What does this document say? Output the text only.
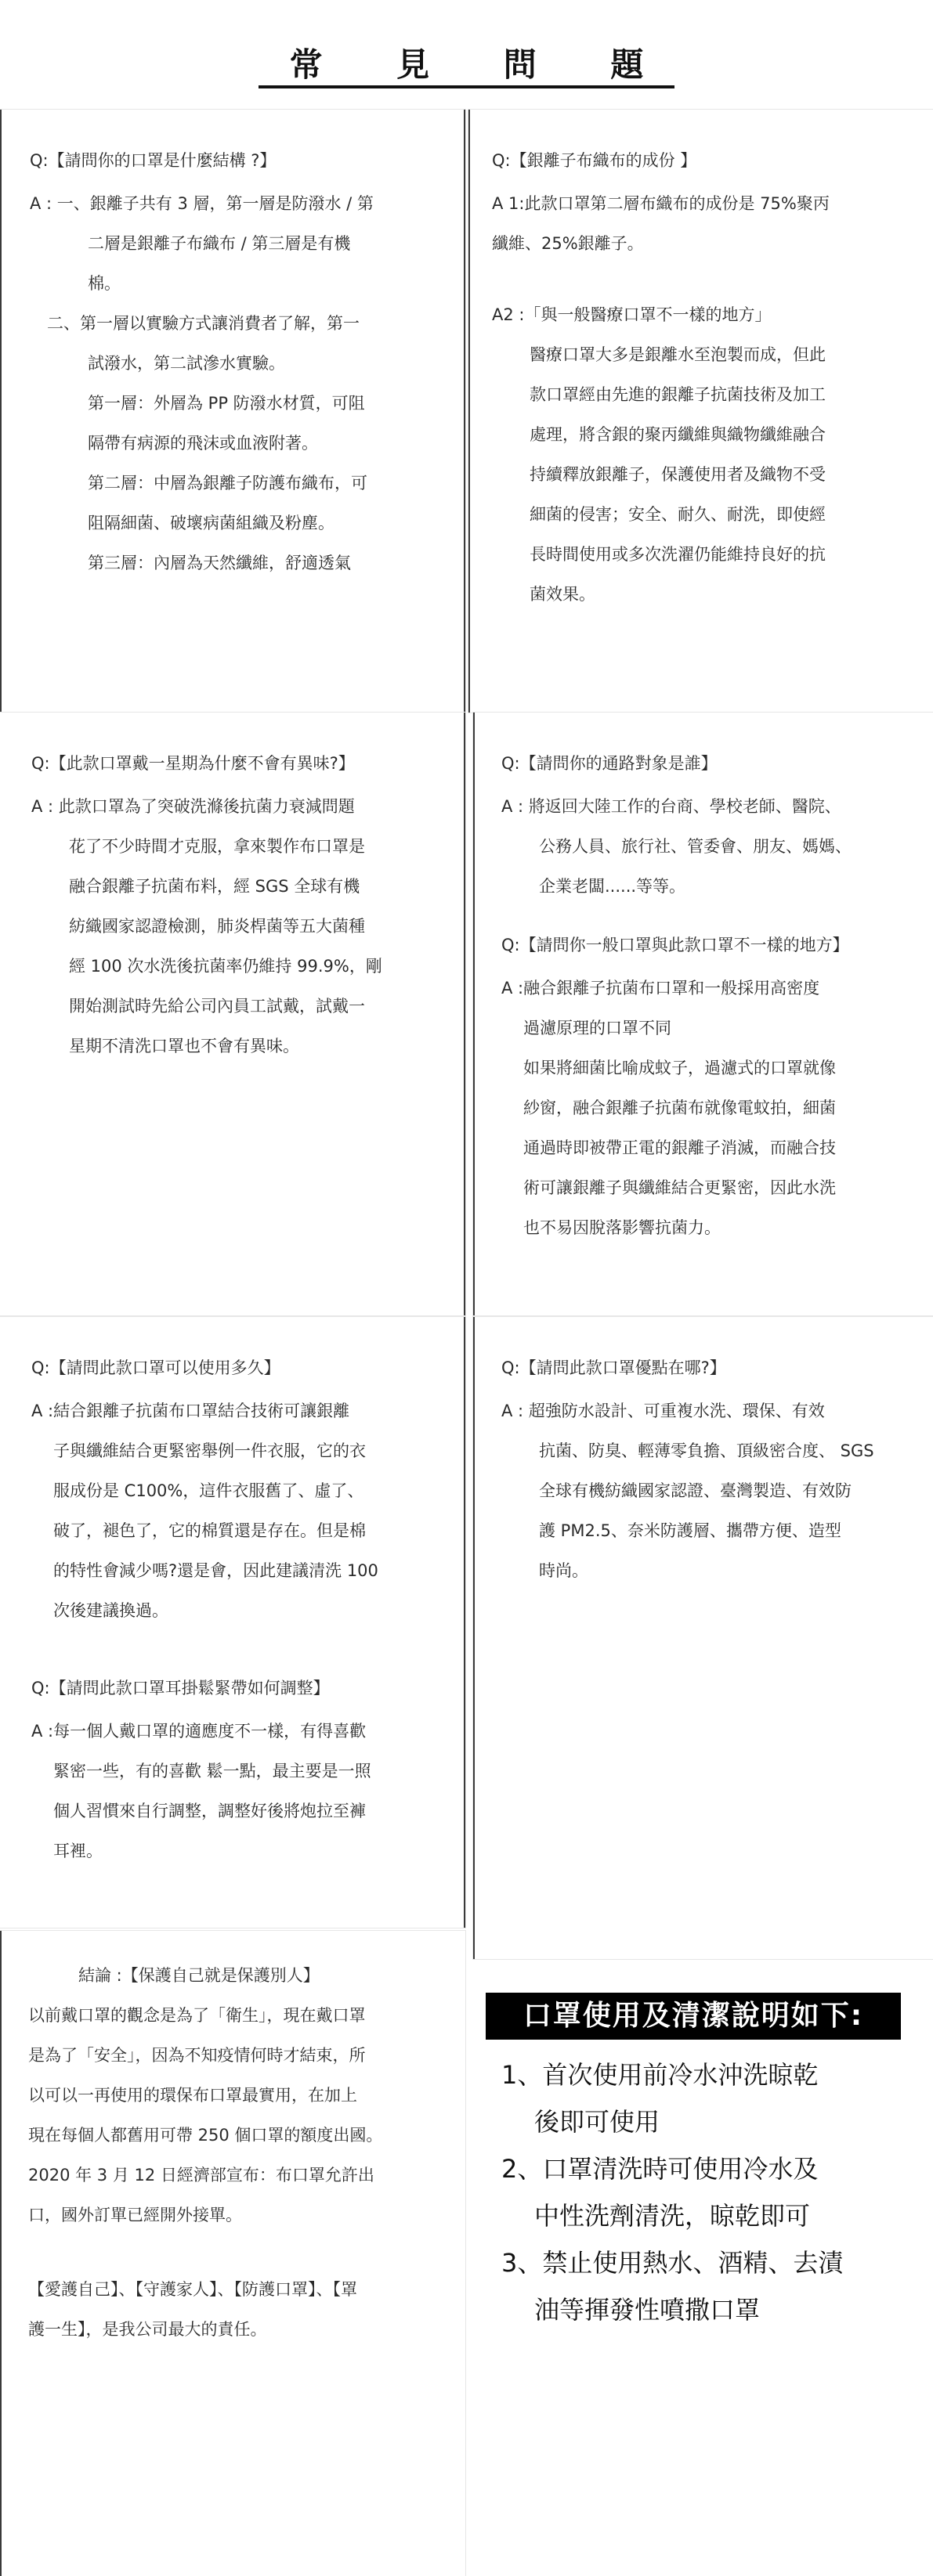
常 見 問 題
Q:【請問你的口罩是什麼結構 ?】
A : 一、銀離子共有 3 層，第一層是防潑水 / 第
二層是銀離子布織布 / 第三層是有機
棉。
二、第一層以實驗方式讓消費者了解，第一
試潑水，第二試滲水實驗。
第一層：外層為 PP 防潑水材質，可阻
隔帶有病源的飛沫或血液附著。
第二層：中層為銀離子防護布織布，可
阻隔細菌、破壞病菌組織及粉塵。
第三層：內層為天然纖維，舒適透氣
Q:【銀離子布織布的成份 】
A 1:此款口罩第二層布織布的成份是 75%聚丙
纖維、25%銀離子。
A2 :「與一般醫療口罩不一樣的地方」
醫療口罩大多是銀離水至泡製而成，但此
款口罩經由先進的銀離子抗菌技術及加工
處理，將含銀的聚丙纖維與織物纖維融合
持續釋放銀離子，保護使用者及織物不受
細菌的侵害；安全、耐久、耐洗，即使經
長時間使用或多次洗濯仍能維持良好的抗
菌效果。
Q:【此款口罩戴一星期為什麼不會有異味?】
A : 此款口罩為了突破洗滌後抗菌力衰減問題
花了不少時間才克服，拿來製作布口罩是
融合銀離子抗菌布料，經 SGS 全球有機
紡織國家認證檢測，肺炎桿菌等五大菌種
經 100 次水洗後抗菌率仍維持 99.9%，剛
開始測試時先給公司內員工試戴，試戴一
星期不清洗口罩也不會有異味。
Q:【請問你的通路對象是誰】
A : 將返回大陸工作的台商、學校老師、醫院、
公務人員、旅行社、管委會、朋友、媽媽、
企業老闆......等等。
Q:【請問你一般口罩與此款口罩不一樣的地方】
A :融合銀離子抗菌布口罩和一般採用高密度
過濾原理的口罩不同
如果將細菌比喻成蚊子，過濾式的口罩就像
紗窗，融合銀離子抗菌布就像電蚊拍，細菌
通過時即被帶正電的銀離子消滅，而融合技
術可讓銀離子與纖維結合更緊密，因此水洗
也不易因脫落影響抗菌力。
Q:【請問此款口罩可以使用多久】
A :結合銀離子抗菌布口罩結合技術可讓銀離
子與纖維結合更緊密舉例一件衣服，它的衣
服成份是 C100%，這件衣服舊了、虛了、
破了，褪色了，它的棉質還是存在。但是棉
的特性會減少嗎?還是會，因此建議清洗 100
次後建議換過。
Q:【請問此款口罩耳掛鬆緊帶如何調整】
A :每一個人戴口罩的適應度不一樣，有得喜歡
緊密一些，有的喜歡 鬆一點，最主要是一照
個人習慣來自行調整，調整好後將炮拉至褲
耳裡。
Q:【請問此款口罩優點在哪?】
A : 超強防水設計、可重複水洗、環保、有效
抗菌、防臭、輕薄零負擔、頂級密合度、 SGS
全球有機紡織國家認證、臺灣製造、有效防
護 PM2.5、奈米防護層、攜帶方便、造型
時尚。
結論 :【保護自己就是保護別人】
以前戴口罩的觀念是為了「衛生」，現在戴口罩
是為了「安全」，因為不知疫情何時才結束，所
以可以一再使用的環保布口罩最實用，在加上
現在每個人都舊用可帶 250 個口罩的額度出國。
2020 年 3 月 12 日經濟部宣布：布口罩允許出
口，國外訂單已經開外接單。
【愛護自己】、【守護家人】、【防護口罩】、【罩
護一生】，是我公司最大的責任。
口罩使用及清潔說明如下:
1、首次使用前冷水沖洗晾乾
後即可使用
2、口罩清洗時可使用冷水及
中性洗劑清洗，晾乾即可
3、禁止使用熱水、酒精、去漬
油等揮發性噴撒口罩
